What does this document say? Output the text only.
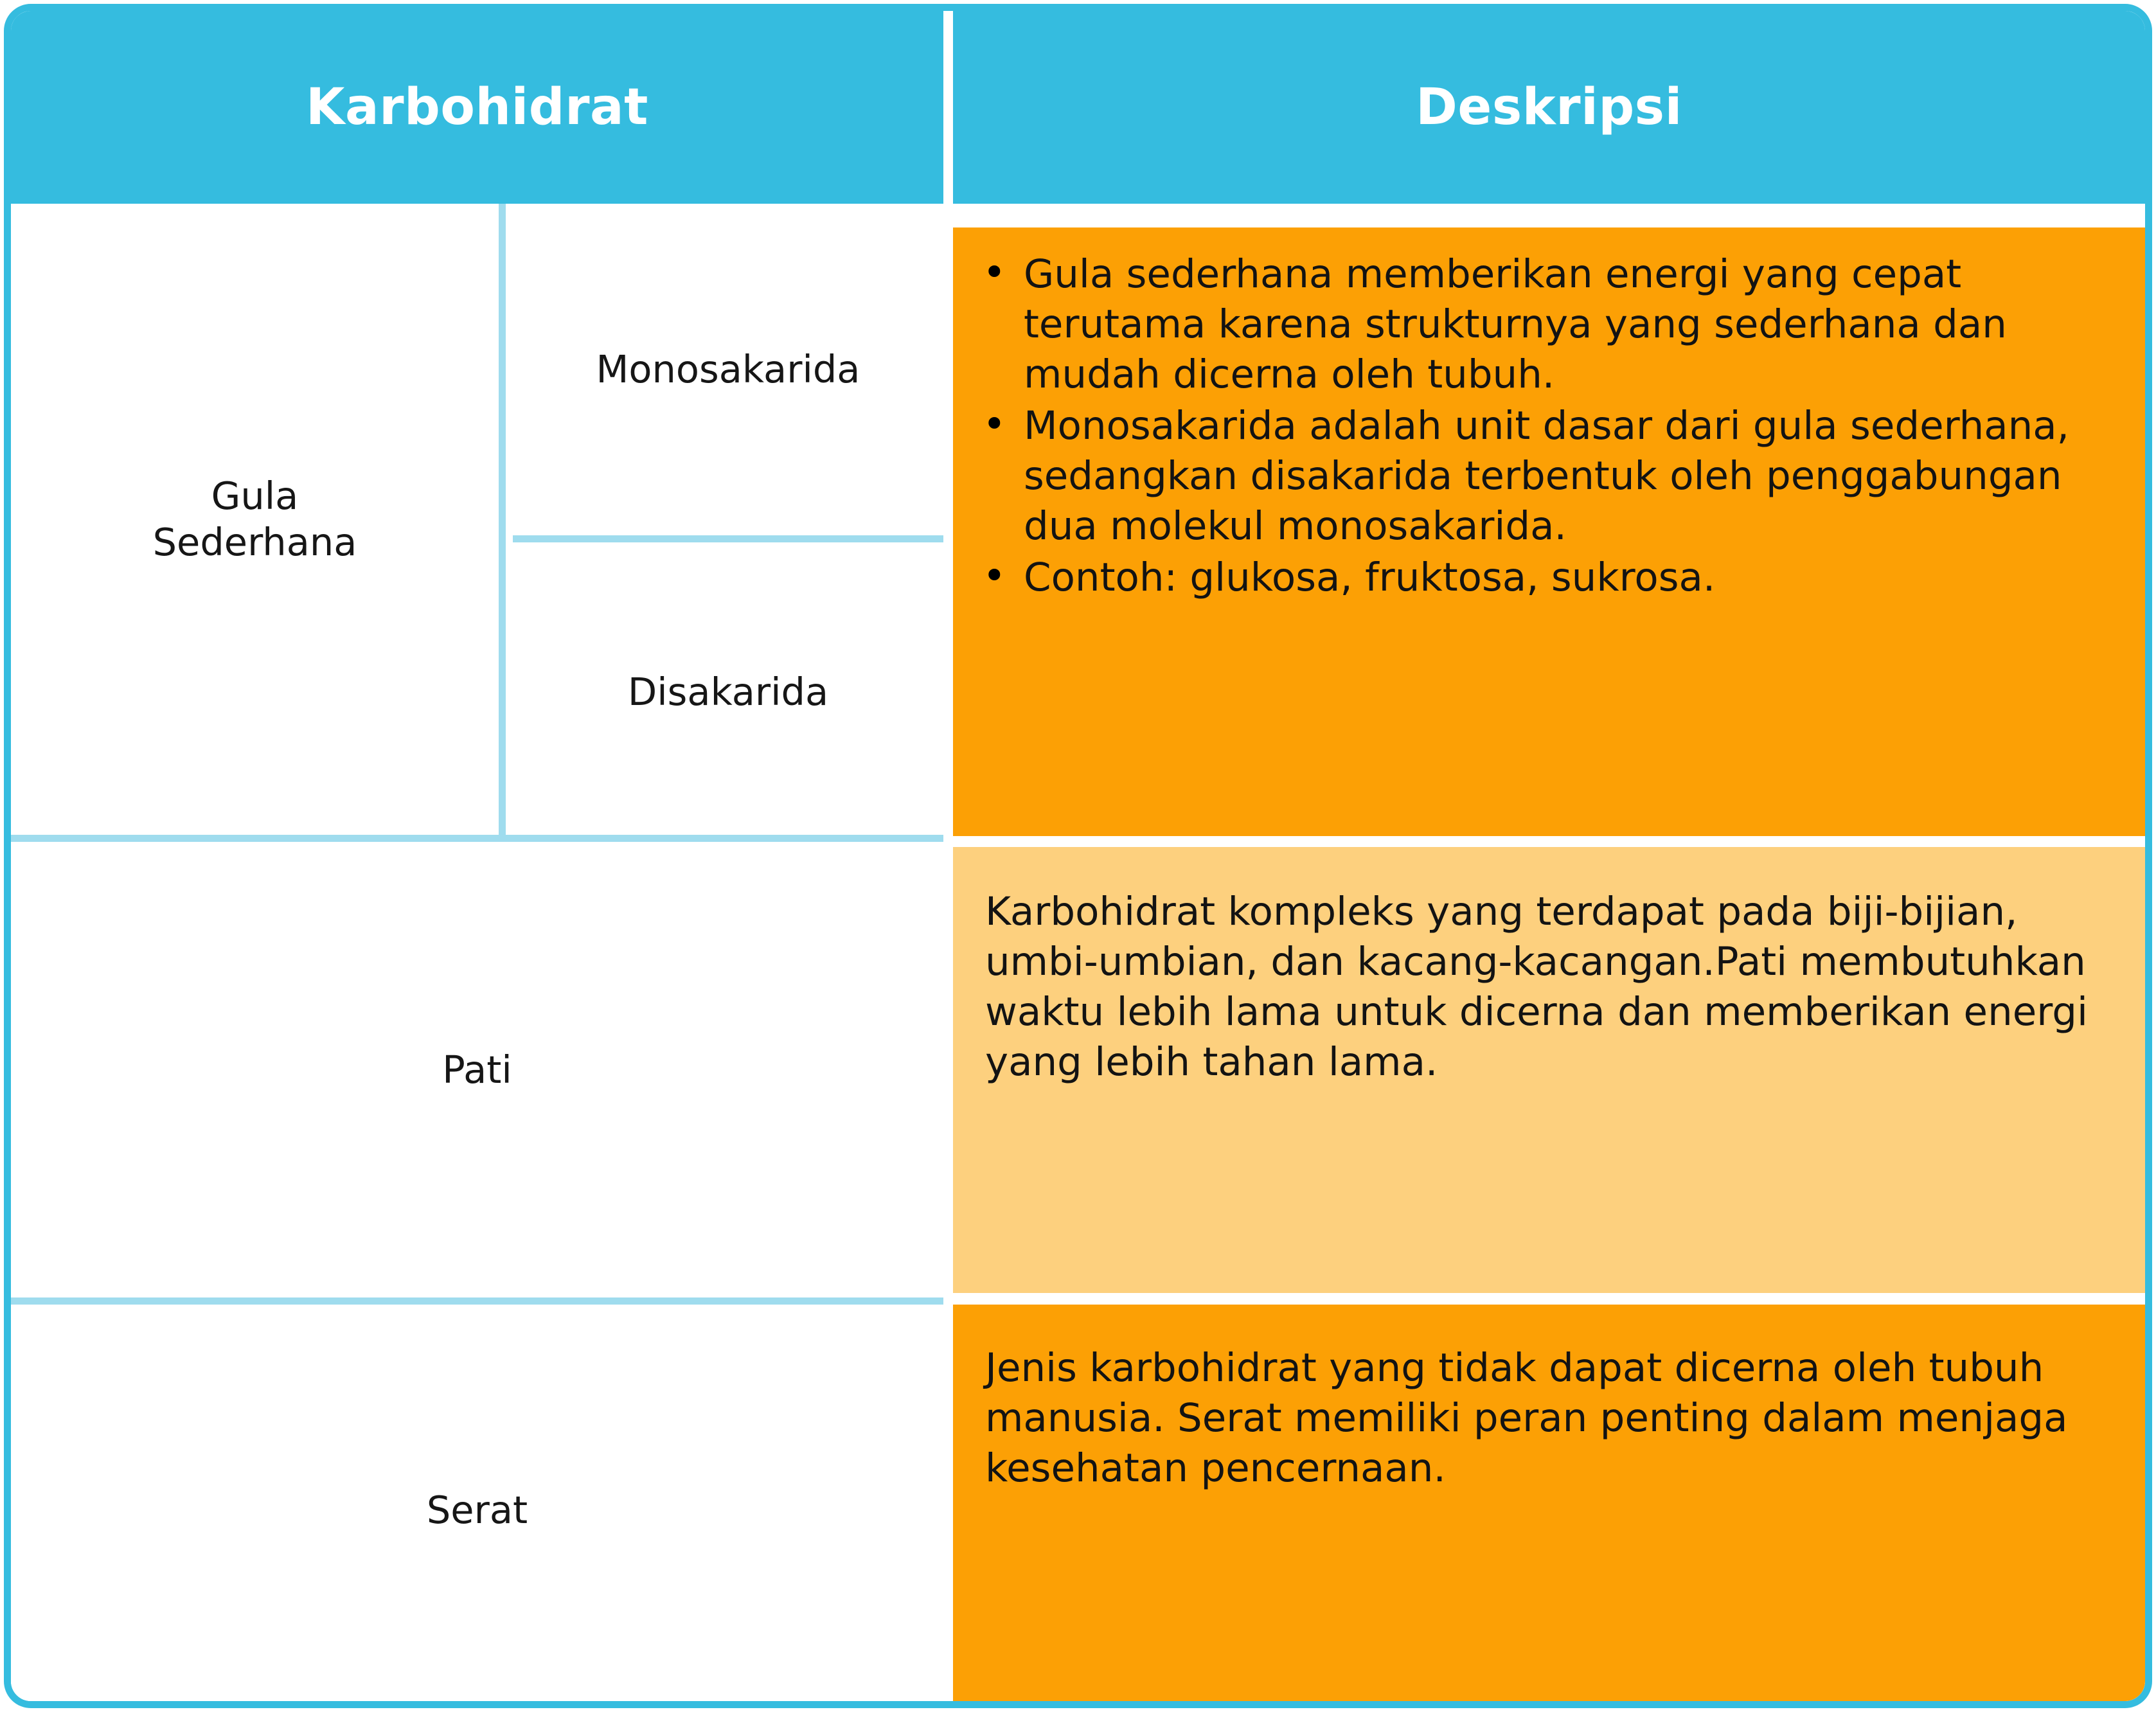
Karbohidrat	Deskripsi
Gula
Sederhana
Monosakarida
Disakarida
• Gula sederhana memberikan energi yang cepat terutama karena strukturnya yang sederhana dan mudah dicerna oleh tubuh.
• Monosakarida adalah unit dasar dari gula sederhana, sedangkan disakarida terbentuk oleh penggabungan dua molekul monosakarida.
• Contoh: glukosa, fruktosa, sukrosa.
Pati

Karbohidrat kompleks yang terdapat pada biji-bijian, umbi-umbian, dan kacang-kacangan.Pati membutuhkan waktu lebih lama untuk dicerna dan memberikan energi yang lebih tahan lama.

Serat

Jenis karbohidrat yang tidak dapat dicerna oleh tubuh manusia. Serat memiliki peran penting dalam menjaga kesehatan pencernaan.
